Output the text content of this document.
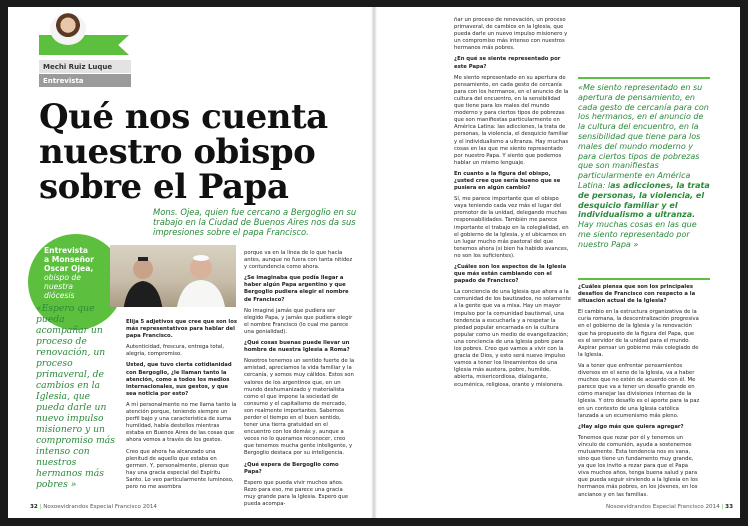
Mechi Ruiz Luque
Entrevista
Qué nos cuenta nuestro obispo sobre el Papa
Mons. Ojea, quien fue cercano a Bergoglio en su trabajo en la Ciudad de Buenos Aires nos da sus impresiones sobre el papa Francisco.
Entrevista
a Monseñor
Oscar Ojea,
obispo de
nuestra
diócesis
«Espero que pueda acompañar un proceso de renovación, un proceso primaveral, de cambios en la Iglesia, que pueda darle un nuevo impulso misionero y un compromiso más intenso con nuestros hermanos más pobres »

Elija 5 adjetivos que cree que son los más representativos para hablar del papa Francisco.

Autenticidad, frescura, entrega total, alegría, compromiso.

Usted, que tuvo cierta cotidianidad con Bergoglio, ¿le llaman tanto la atención, como a todos los medios internacionales, sus gestos, y que sea noticia por esto?

A mí personalmente no me llama tanto la atención porque, teniendo siempre un perfil bajo y una característica de suma humildad, había destellos mientras estaba en Buenos Aires de las cosas que ahora vemos a través de los gestos.

Creo que ahora ha alcanzado una plenitud de aquello que estaba en germen. Y, personalmente, pienso que hay una gracia especial del Espíritu Santo. Lo veo particularmente luminoso, pero no me asombra

porque va en la línea de lo que hacía antes, aunque no fuera con tanta nitidez y contundencia como ahora.

¿Se imaginaba que podía llegar a haber algún Papa argentino y que Bergoglio pudiera elegir el nombre de Francisco?

No imaginé jamás que pudiera ser elegido Papa, y jamás que pudiera elegir el nombre Francisco (lo cual me parece una genialidad).

¿Qué cosas buenas puede llevar un hombre de nuestra Iglesia a Roma?

Nosotros tenemos un sentido fuerte de la amistad, apreciamos la vida familiar y la cercanía, y somos muy cálidos. Estos son valores de los argentinos que, en un mundo deshumanizado y materialista como el que impone la sociedad de consumo y el capitalismo de mercado, son realmente importantes. Sabemos perder el tiempo en el buen sentido, tener una tierra gratuidad en el encuentro con los demás y, aunque a veces no lo queramos reconocer, creo que tenemos mucha gente inteligente, y Bergoglio destaca por su inteligencia.

¿Qué espera de Bergoglio como Papa?

Espero que pueda vivir muchos años. Rezo para eso, me parece una gracia muy grande para la Iglesia. Espero que pueda acompa-

32 | Nosoevidrandos Especial Francisco 2014

ñar un proceso de renovación, un proceso primaveral, de cambios en la Iglesia, que pueda darle un nuevo impulso misionero y un compromiso más intenso con nuestros hermanos más pobres.

¿En qué se siente representado por este Papa?

Me siento representado en su apertura de pensamiento, en cada gesto de cercanía para con los hermanos, en el anuncio de la cultura del encuentro, en la sensibilidad que tiene para los males del mundo moderno y para ciertos tipos de pobrezas que son manifiestas particularmente en América Latina: las adicciones, la trata de personas, la violencia, el desquicio familiar y el individualismo a ultranza. Hay muchas cosas en las que me siento representado por nuestro Papa. Y siento que podemos hablar un mismo lenguaje.

En cuanto a la figura del obispo, ¿usted cree que sería bueno que se pusiera en algún cambio?

Sí, me parece importante que el obispo vaya teniendo cada vez más el lugar del promotor de la unidad, delegando muchas responsabilidades. También me parece importante el trabajo en la colegialidad, en el gobierno de la Iglesia, y el ubicarnos en un lugar mucho más pastoral del que tenemos ahora (si bien ha habido avances, no son los suficientes).

¿Cuáles son los aspectos de la Iglesia que más están cambiando con el papado de Francisco?

La conciencia de una Iglesia que ahora a la comunidad de los bautizados, no solamente a la gente que va a misa. Hay un mayor impulso por la comunidad bautismal, una tendencia a escucharla y a respetar la piedad popular encarnada en la cultura popular como un medio de evangelización; una conciencia de una Iglesia pobre para los pobres. Creo que vamos a vivir con la gracia de Dios, y esto será nuevo impulso vamos a tener los lineamientos de una Iglesia más austera, pobre, humilde, abierta, misericordiosa, dialogante, ecuménica, religiosa, orante y misionera.

«Me siento representado en su apertura de pensamiento, en cada gesto de cercanía para con los hermanos, en el anuncio de la cultura del encuentro, en la sensibilidad que tiene para los males del mundo moderno y para ciertos tipos de pobrezas que son manifiestas particularmente en América Latina: las adicciones, la trata de personas, la violencia, el desquicio familiar y el individualismo a ultranza. Hay muchas cosas en las que me siento representado por nuestro Papa »

¿Cuáles piensa que son los principales desafíos de Francisco con respecto a la situación actual de la Iglesia?

El cambio en la estructura organizativa de la curia romana, la descentralización progresiva en el gobierno de la Iglesia y la renovación que ha propuesto de la figura del Papa, que es el servidor de la unidad para el mundo. Aspirar pensar un gobierno más colegiado de la Iglesia.

Va a tener que enfrentar pensamientos diversos en el seno de la Iglesia, va a haber muchos que no estén de acuerdo con él. Me parece que va a tener un desafío grande en cómo manejar las divisiones internas de la Iglesia. Y otro desafío es el aporte para la paz en un contexto de una Iglesia católica lanzada a un ecumenismo más pleno.

¿Hay algo más que quiera agregar?

Tenemos que rezar por él y tenemos un vínculo de comunión, ayuda a sostenernos mutuamente. Esta tendencia nos es vana, sino que tiene un fundamento muy grande, ya que los invito a rezar para que el Papa viva muchos años, tenga buena salud y para que pueda seguir sirviendo a la Iglesia en los hermanos más pobres, en los jóvenes, en los ancianos y en las familias.

Nosoevidrandos Especial Francisco 2014 | 33
